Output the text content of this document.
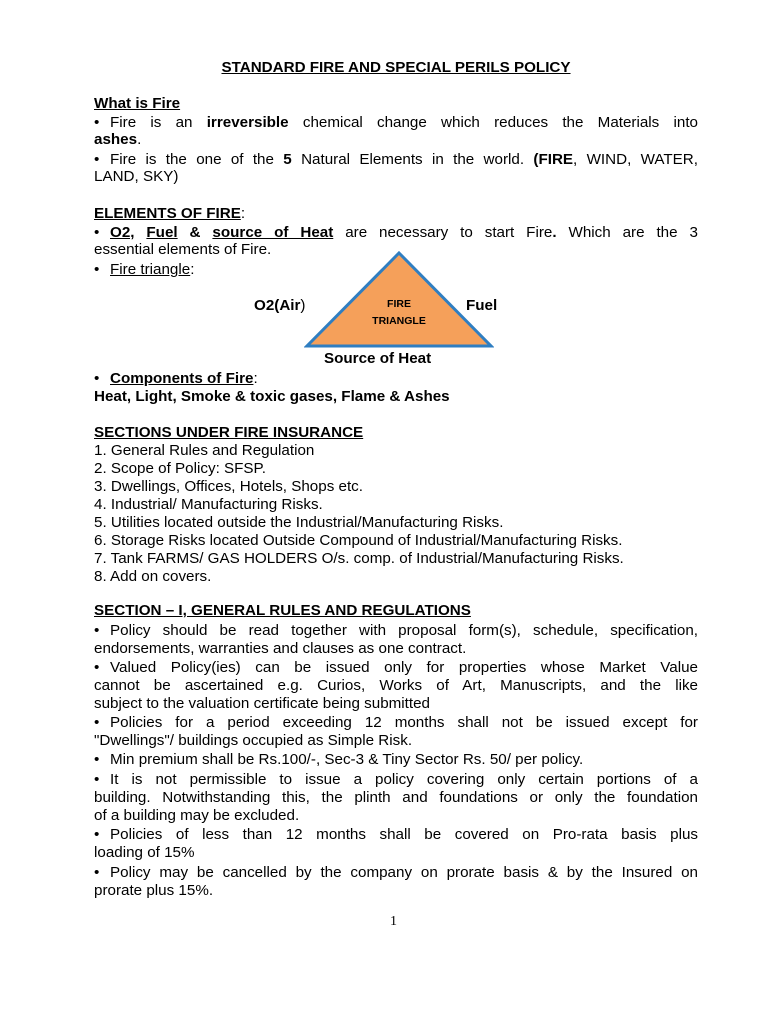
STANDARD FIRE AND SPECIAL PERILS POLICY
What is Fire
• Fire is an irreversible chemical change which reduces the Materials into
ashes.
• Fire is the one of the 5 Natural Elements in the world. (FIRE, WIND, WATER,
LAND, SKY)
ELEMENTS OF FIRE:
• O2, Fuel & source of Heat are necessary to start Fire. Which are the 3
essential elements of Fire.
• Fire triangle:
• Components of Fire:
Heat, Light, Smoke & toxic gases, Flame & Ashes
SECTIONS UNDER FIRE INSURANCE
1. General Rules and Regulation
2. Scope of Policy: SFSP.
3. Dwellings, Offices, Hotels, Shops etc.
4. Industrial/ Manufacturing Risks.
5. Utilities located outside the Industrial/Manufacturing Risks.
6. Storage Risks located Outside Compound of Industrial/Manufacturing Risks.
7. Tank FARMS/ GAS HOLDERS O/s. comp. of Industrial/Manufacturing Risks.
8. Add on covers.
SECTION – I, GENERAL RULES AND REGULATIONS
• Policy should be read together with proposal form(s), schedule, specification,
endorsements, warranties and clauses as one contract.
• Valued Policy(ies) can be issued only for properties whose Market Value
cannot be ascertained e.g. Curios, Works of Art, Manuscripts, and the like
subject to the valuation certificate being submitted
• Policies for a period exceeding 12 months shall not be issued except for
"Dwellings"/ buildings occupied as Simple Risk.
• Min premium shall be Rs.100/-, Sec-3 & Tiny Sector Rs. 50/ per policy.
• It is not permissible to issue a policy covering only certain portions of a
building. Notwithstanding this, the plinth and foundations or only the foundation
of a building may be excluded.
• Policies of less than 12 months shall be covered on Pro-rata basis plus
loading of 15%
• Policy may be cancelled by the company on prorate basis & by the Insured on
prorate plus 15%.
FIRE
TRIANGLE
O2(Air)	Fuel
Source of Heat
1
